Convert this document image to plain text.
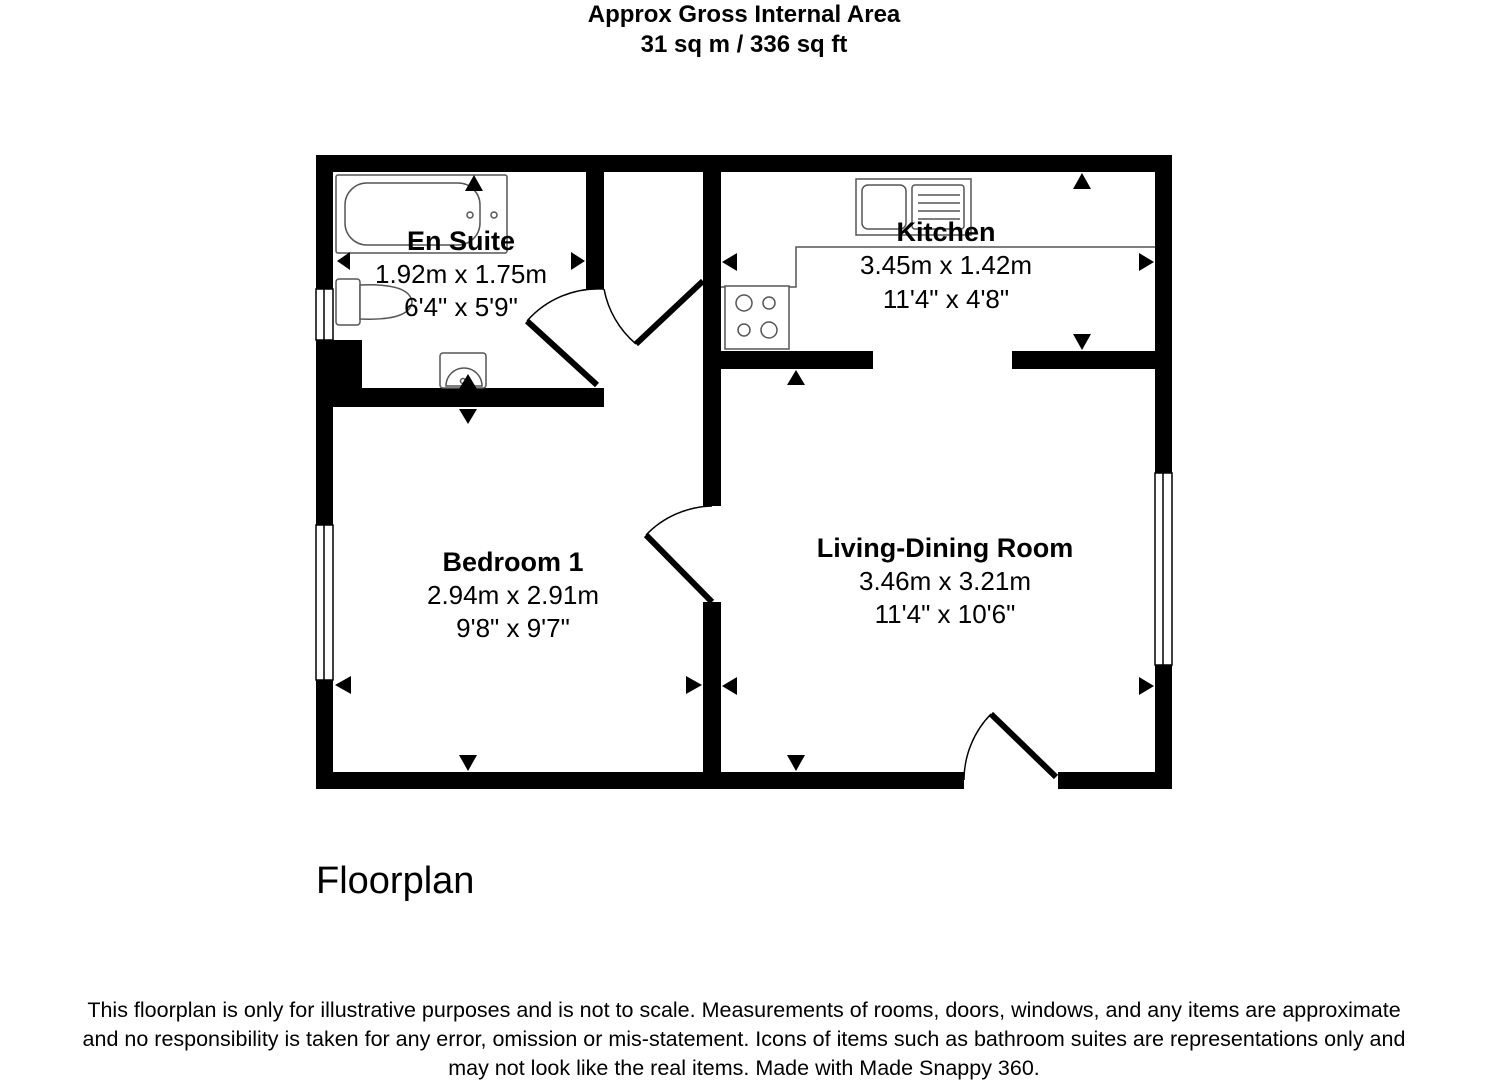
Approx Gross Internal Area
31 sq m / 336 sq ft
En Suite
1.92m x 1.75m
6'4" x 5'9"
Kitchen
3.45m x 1.42m
11'4" x 4'8"
Bedroom 1
2.94m x 2.91m
9'8" x 9'7"
Living-Dining Room
3.46m x 3.21m
11'4" x 10'6"
Floorplan
This floorplan is only for illustrative purposes and is not to scale. Measurements of rooms, doors, windows, and any items are approximate
and no responsibility is taken for any error, omission or mis-statement. Icons of items such as bathroom suites are representations only and
may not look like the real items. Made with Made Snappy 360.
